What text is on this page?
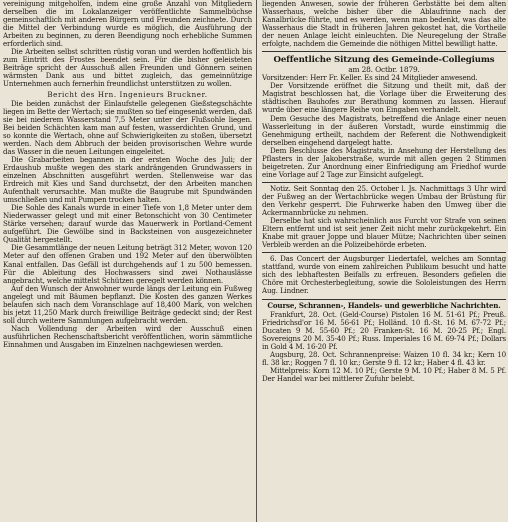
vereinigung mitgeholfen, indem eine große Anzahl von Mitgliedern derselben die im Lokalanzeiger veröffentlichte Sammelbüchse gemeinschaftlich mit anderen Bürgern und Freunden zeichnete. Durch die Mittel der Verbindung wurde es möglich, die Ausführung der Arbeiten zu beginnen, zu deren Beendigung noch erhebliche Summen erforderlich sind.

Die Arbeiten selbst schritten rüstig voran und werden hoffentlich bis zum Eintritt des Frostes beendet sein. Für die bisher geleisteten Beiträge spricht der Ausschuß allen Freunden und Gönnern seinen wärmsten Dank aus und bittet zugleich, das gemeinnützige Unternehmen auch fernerhin freundlichst unterstützen zu wollen.

Bericht des Hrn. Ingenieurs Bruckner.

Die beiden zunächst der Einlaufstelle gelegenen Gießstegschächte liegen im Bette der Wertach; sie mußten so tief eingesenkt werden, daß sie bei niederem Wasserstand 7,5 Meter unter der Flußsohle liegen. Bei beiden Schächten kam man auf festen, wasserdichten Grund, und so konnte die Wertach, ohne auf Schwierigkeiten zu stoßen, übersetzt werden. Nach dem Abbruch der beiden provisorischen Wehre wurde das Wasser in die neuen Leitungen eingeleitet.

Die Grabarbeiten begannen in der ersten Woche des Juli; der Erdaushub mußte wegen des stark andrängenden Grundwassers in einzelnen Abschnitten ausgeführt werden. Stellenweise war das Erdreich mit Kies und Sand durchsetzt, der den Arbeiten manchen Aufenthalt verursachte. Man mußte die Baugrube mit Spundwänden umschließen und mit Pumpen trocken halten.

Die Sohle des Kanals wurde in einer Tiefe von 1,8 Meter unter dem Niederwasser gelegt und mit einer Betonschicht von 30 Centimeter Stärke versehen; darauf wurde das Mauerwerk in Portland-Cement aufgeführt. Die Gewölbe sind in Backsteinen von ausgezeichneter Qualität hergestellt.

Die Gesammtlänge der neuen Leitung beträgt 312 Meter, wovon 120 Meter auf den offenen Graben und 192 Meter auf den überwölbten Kanal entfallen. Das Gefäll ist durchgehends auf 1 zu 500 bemessen. Für die Ableitung des Hochwassers sind zwei Nothauslässe angebracht, welche mittelst Schützen geregelt werden können.

Auf den Wunsch der Anwohner wurde längs der Leitung ein Fußweg angelegt und mit Bäumen bepflanzt. Die Kosten des ganzen Werkes belaufen sich nach dem Voranschlage auf 18,400 Mark, von welchen bis jetzt 11,250 Mark durch freiwillige Beiträge gedeckt sind; der Rest soll durch weitere Sammlungen aufgebracht werden.

Nach Vollendung der Arbeiten wird der Ausschuß einen ausführlichen Rechenschaftsbericht veröffentlichen, worin sämmtliche Einnahmen und Ausgaben im Einzelnen nachgewiesen werden.

liegenden Anwesen, sowie der früheren Gerbstätte bei dem alten Wasserhaus, welche bisher über die Ablaufrinne nach der Kanalbrücke führte, und es werden, wenn man bedenkt, was das alte Wasserhaus die Stadt in früheren Jahren gekostet hat, die Vortheile der neuen Anlage leicht einleuchten. Die Neuregelung der Straße erfolgte, nachdem die Gemeinde die nöthigen Mittel bewilligt hatte.

Oeffentliche Sitzung des Gemeinde-Collegiums
am 28. Octbr. 1879.

Vorsitzender: Herr Fr. Keller. Es sind 24 Mitglieder anwesend.

Der Vorsitzende eröffnet die Sitzung und theilt mit, daß der Magistrat beschlossen hat, die Vorlage über die Erweiterung des städtischen Bauhofes zur Berathung kommen zu lassen. Hierauf wurde über eine längere Reihe von Eingaben verhandelt.

Dem Gesuche des Magistrats, betreffend die Anlage einer neuen Wasserleitung in der äußeren Vorstadt, wurde einstimmig die Genehmigung ertheilt, nachdem der Referent die Nothwendigkeit derselben eingehend dargelegt hatte.

Dem Beschlusse des Magistrats, in Ansehung der Herstellung des Pflasters in der Jakoberstraße, wurde mit allen gegen 2 Stimmen beigetreten. Zur Anordnung einer Einfriedigung am Friedhof wurde eine Vorlage auf 2 Tage zur Einsicht aufgelegt.

Notiz. Seit Sonntag den 25. October l. Js. Nachmittags 3 Uhr wird der Fußweg an der Wertachbrücke wegen Umbau der Brüstung für den Verkehr gesperrt. Die Fuhrwerke haben den Umweg über die Ackermannbrücke zu nehmen.

Derselbe hat sich wahrscheinlich aus Furcht vor Strafe von seinen Eltern entfernt und ist seit jener Zeit nicht mehr zurückgekehrt. Ein Knabe mit grauer Joppe und blauer Mütze; Nachrichten über seinen Verbleib werden an die Polizeibehörde erbeten.

6. Das Concert der Augsburger Liedertafel, welches am Sonntag stattfand, wurde von einem zahlreichen Publikum besucht und hatte sich des lebhaftesten Beifalls zu erfreuen. Besonders gefielen die Chöre mit Orchesterbegleitung, sowie die Sololeistungen des Herrn Aug. Lindner.

Course, Schrannen-, Handels- und gewerbliche Nachrichten.

Frankfurt, 28. Oct. (Geld-Course) Pistolen 16 M. 51-61 Pf.; Preuß. Friedrichsd'or 16 M. 56-61 Pf.; Holländ. 10 fl.-St. 16 M. 67-72 Pf.; Ducaten 9 M. 55-60 Pf.; 20 Franken-St. 16 M. 20-25 Pf.; Engl. Sovereigns 20 M. 35-40 Pf.; Russ. Imperiales 16 M. 69-74 Pf.; Dollars in Gold 4 M. 16-20 Pf.

Augsburg, 28. Oct. Schrannenpreise: Waizen 10 fl. 34 kr.; Kern 10 fl. 38 kr.; Roggen 7 fl. 10 kr.; Gerste 9 fl. 12 kr.; Haber 4 fl. 43 kr.

Mittelpreis: Korn 12 M. 10 Pf.; Gerste 9 M. 10 Pf.; Haber 8 M. 5 Pf. Der Handel war bei mittlerer Zufuhr belebt.
